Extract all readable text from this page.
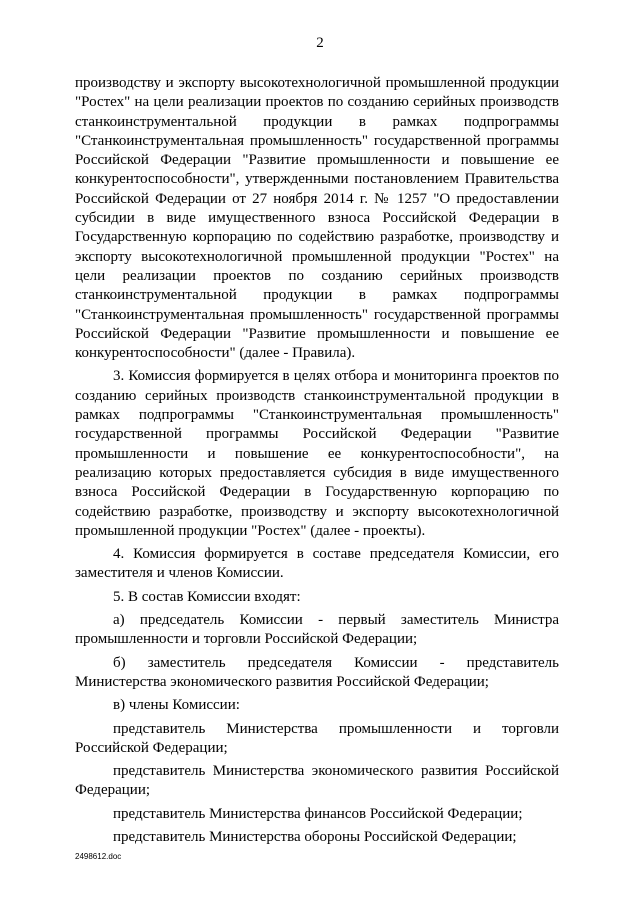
2

производству и экспорту высокотехнологичной промышленной продукции "Ростех" на цели реализации проектов по созданию серийных производств станкоинструментальной продукции в рамках подпрограммы "Станкоинструментальная промышленность" государственной программы Российской Федерации "Развитие промышленности и повышение ее конкурентоспособности", утвержденными постановлением Правительства Российской Федерации от 27 ноября 2014 г. № 1257 "О предоставлении субсидии в виде имущественного взноса Российской Федерации в Государственную корпорацию по содействию разработке, производству и экспорту высокотехнологичной промышленной продукции "Ростех" на цели реализации проектов по созданию серийных производств станкоинструментальной продукции в рамках подпрограммы "Станкоинструментальная промышленность" государственной программы Российской Федерации "Развитие промышленности и повышение ее конкурентоспособности" (далее - Правила).

3. Комиссия формируется в целях отбора и мониторинга проектов по созданию серийных производств станкоинструментальной продукции в рамках подпрограммы "Станкоинструментальная промышленность" государственной программы Российской Федерации "Развитие промышленности и повышение ее конкурентоспособности", на реализацию которых предоставляется субсидия в виде имущественного взноса Российской Федерации в Государственную корпорацию по содействию разработке, производству и экспорту высокотехнологичной промышленной продукции "Ростех" (далее - проекты).

4. Комиссия формируется в составе председателя Комиссии, его заместителя и членов Комиссии.

5. В состав Комиссии входят:

а) председатель Комиссии - первый заместитель Министра промышленности и торговли Российской Федерации;

б) заместитель председателя Комиссии - представитель Министерства экономического развития Российской Федерации;

в) члены Комиссии:

представитель Министерства промышленности и торговли Российской Федерации;

представитель Министерства экономического развития Российской Федерации;

представитель Министерства финансов Российской Федерации;

представитель Министерства обороны Российской Федерации;

2498612.doc
